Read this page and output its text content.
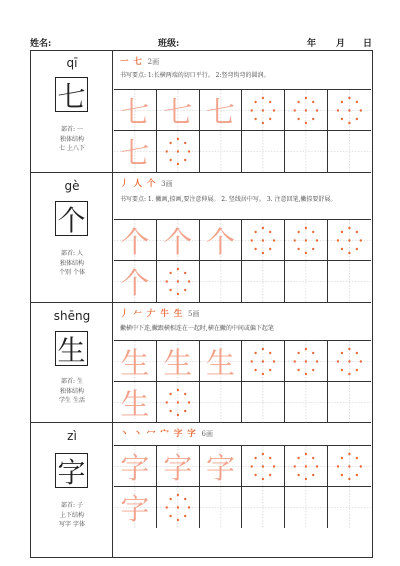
姓名:	班级:	年 月 日
qī
七
部首: 一
独体结构
七 上八下
一 七 2画
书写要点: 1:长横两端的切口平行。 2:竖弯钩弯的圆润。
七 七 七
七
gè
个
部首: 人
独体结构
个别 个体
丿 人 个 3画
书写要点: 1. 撇画,捺画,要注意伸展。 2. 竖线居中写。 3. 注意回笔,撇捺要舒展。
个 个 个
个
shēng
生
部首: 生
独体结构
学生 生活
丿 𠂉 𠂇 牛 生 5画
撇横中下连,撇跟横相连在一起时,横在撇的中间或偏下起笔
生 生 生
生
zì
字
部首: 子
上下结构
写字 字体
丶 丶 冖 宀 字 字 6画
字 字 字
字
